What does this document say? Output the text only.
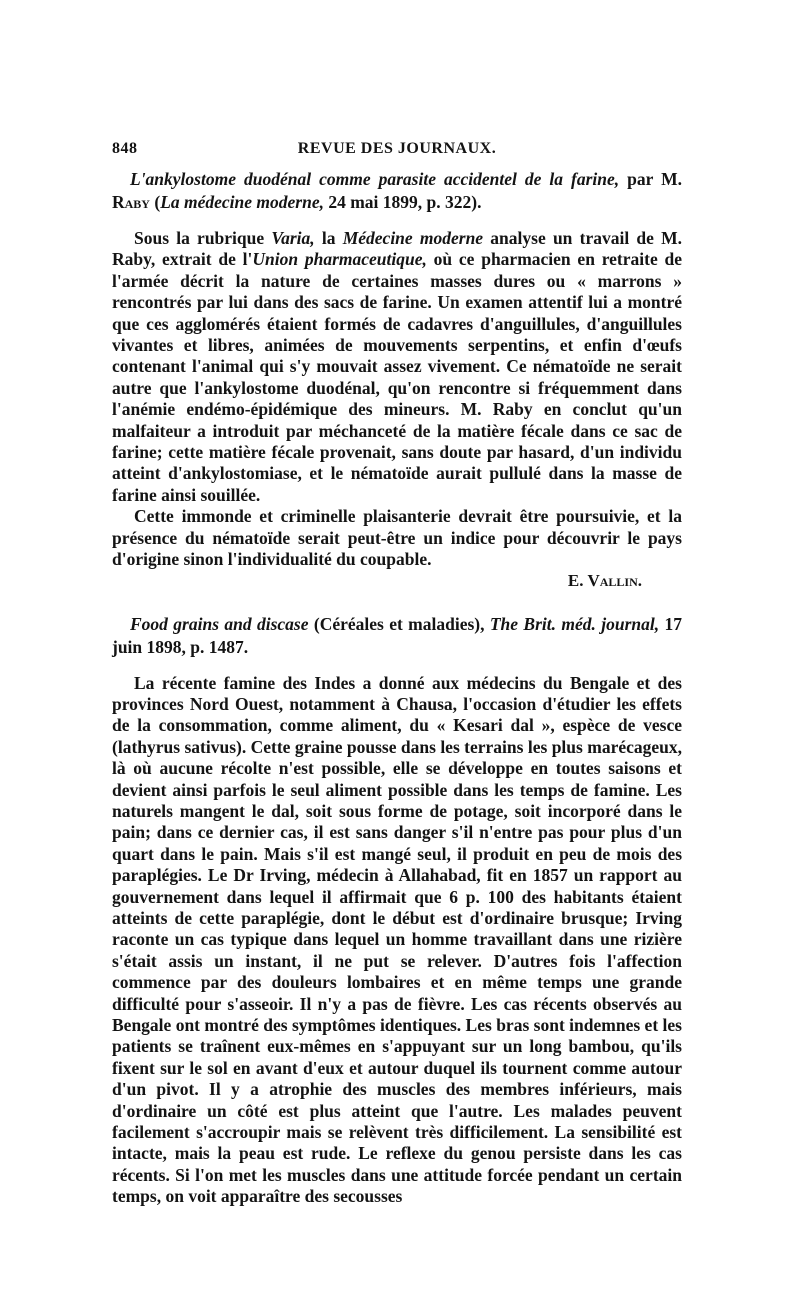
848	REVUE DES JOURNAUX.
L'ankylostome duodénal comme parasite accidentel de la farine, par M. Raby (La médecine moderne, 24 mai 1899, p. 322).

Sous la rubrique Varia, la Médecine moderne analyse un travail de M. Raby, extrait de l'Union pharmaceutique, où ce pharmacien en retraite de l'armée décrit la nature de certaines masses dures ou « marrons » rencontrés par lui dans des sacs de farine. Un examen attentif lui a montré que ces agglomérés étaient formés de cadavres d'anguillules, d'anguillules vivantes et libres, animées de mouvements serpentins, et enfin d'œufs contenant l'animal qui s'y mouvait assez vivement. Ce nématoïde ne serait autre que l'ankylostome duodénal, qu'on rencontre si fréquemment dans l'anémie endémo-épidémique des mineurs. M. Raby en conclut qu'un malfaiteur a introduit par méchanceté de la matière fécale dans ce sac de farine; cette matière fécale provenait, sans doute par hasard, d'un individu atteint d'ankylostomiase, et le nématoïde aurait pullulé dans la masse de farine ainsi souillée.

Cette immonde et criminelle plaisanterie devrait être poursuivie, et la présence du nématoïde serait peut-être un indice pour découvrir le pays d'origine sinon l'individualité du coupable.

E. Vallin.
Food grains and discase (Céréales et maladies), The Brit. méd. journal, 17 juin 1898, p. 1487.

La récente famine des Indes a donné aux médecins du Bengale et des provinces Nord Ouest, notamment à Chausa, l'occasion d'étudier les effets de la consommation, comme aliment, du « Kesari dal », espèce de vesce (lathyrus sativus). Cette graine pousse dans les terrains les plus marécageux, là où aucune récolte n'est possible, elle se développe en toutes saisons et devient ainsi parfois le seul aliment possible dans les temps de famine. Les naturels mangent le dal, soit sous forme de potage, soit incorporé dans le pain; dans ce dernier cas, il est sans danger s'il n'entre pas pour plus d'un quart dans le pain. Mais s'il est mangé seul, il produit en peu de mois des paraplégies. Le Dr Irving, médecin à Allahabad, fit en 1857 un rapport au gouvernement dans lequel il affirmait que 6 p. 100 des habitants étaient atteints de cette paraplégie, dont le début est d'ordinaire brusque; Irving raconte un cas typique dans lequel un homme travaillant dans une rizière s'était assis un instant, il ne put se relever. D'autres fois l'affection commence par des douleurs lombaires et en même temps une grande difficulté pour s'asseoir. Il n'y a pas de fièvre. Les cas récents observés au Bengale ont montré des symptômes identiques. Les bras sont indemnes et les patients se traînent eux-mêmes en s'appuyant sur un long bambou, qu'ils fixent sur le sol en avant d'eux et autour duquel ils tournent comme autour d'un pivot. Il y a atrophie des muscles des membres inférieurs, mais d'ordinaire un côté est plus atteint que l'autre. Les malades peuvent facilement s'accroupir mais se relèvent très difficilement. La sensibilité est intacte, mais la peau est rude. Le reflexe du genou persiste dans les cas récents. Si l'on met les muscles dans une attitude forcée pendant un certain temps, on voit apparaître des secousses
